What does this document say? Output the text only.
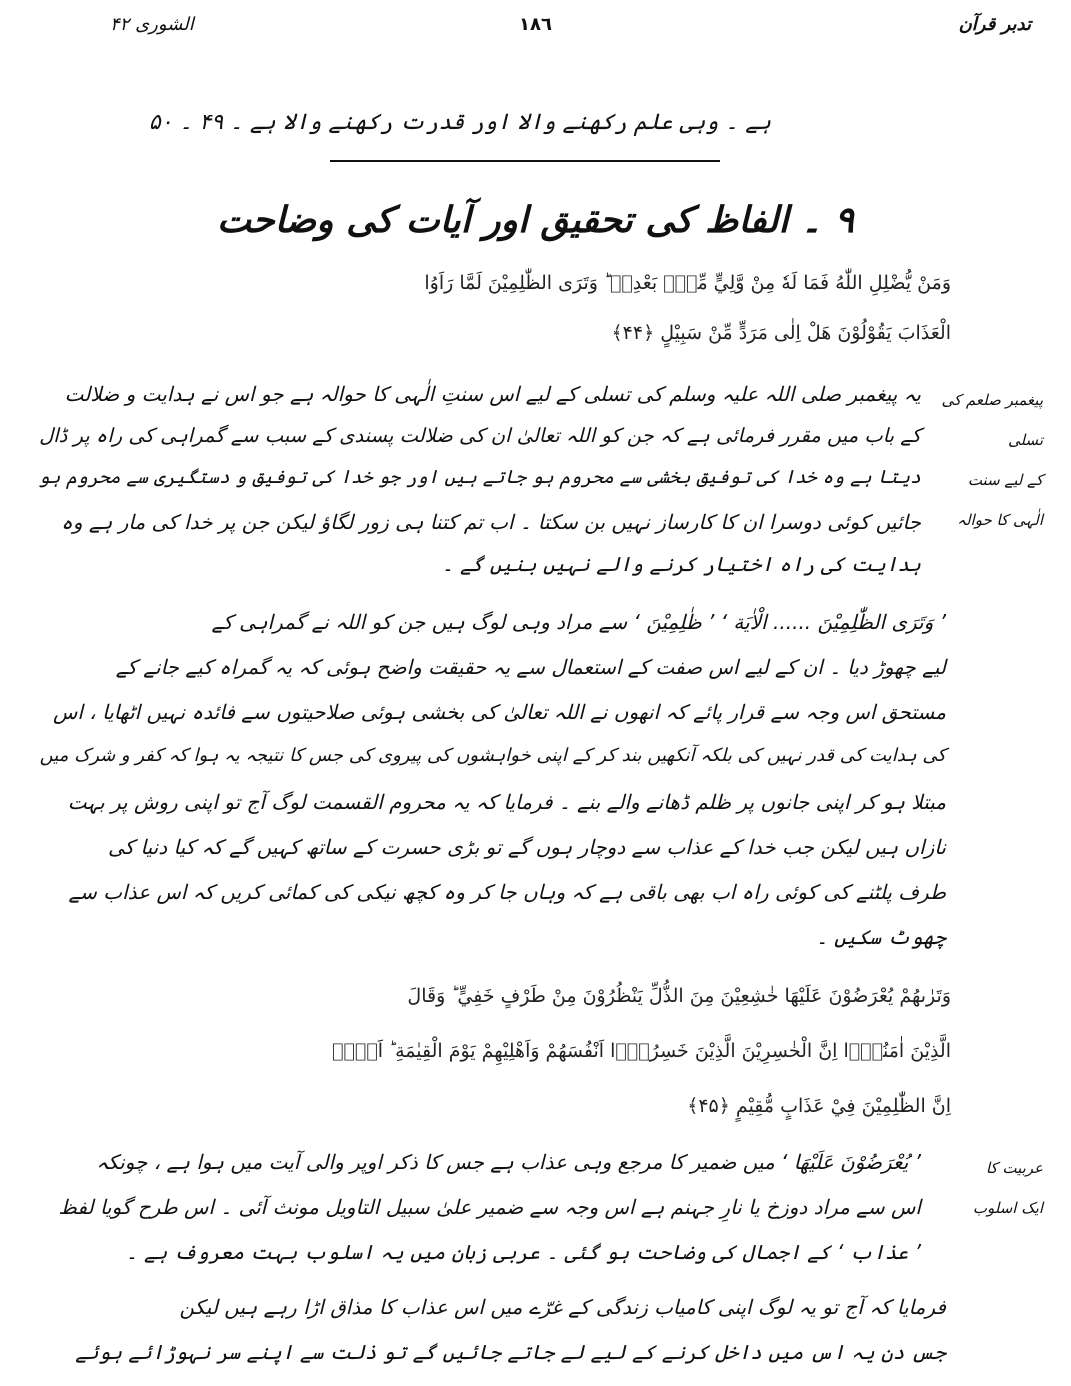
تدبر قرآن
١٨٦
الشوری ۴۲
ہے ۔ وہی علم رکھنے والا اور قدرت رکھنے والا ہے ۔ ۴۹ ۔ ۵۰
۹ ۔ الفاظ کی تحقیق اور آیات کی وضاحت
وَمَنْ يُّضْلِلِ اللّٰهُ فَمَا لَهٗ مِنْ وَّلِيٍّ مِّنْۢ بَعْدِهٖ ؕ وَتَرَى الظّٰلِمِيْنَ لَمَّا رَاَوُا
الْعَذَابَ يَقُوْلُوْنَ هَلْ اِلٰى مَرَدٍّ مِّنْ سَبِيْلٍ ﴿۴۴﴾
پیغمبر صلعم کی تسلی
کے لیے سنت
الٰہی کا حوالہ
یہ پیغمبر صلی اللہ علیہ وسلم کی تسلی کے لیے اس سنتِ الٰہی کا حوالہ ہے جو اس نے ہدایت و ضلالت
کے باب میں مقرر فرمائی ہے کہ جن کو اللہ تعالیٰ ان کی ضلالت پسندی کے سبب سے گمراہی کی راہ پر ڈال
دیتا ہے وہ خدا کی توفیق بخشی سے محروم ہو جاتے ہیں اور جو خدا کی توفیق و دستگیری سے محروم ہو
جائیں کوئی دوسرا ان کا کارساز نہیں بن سکتا ۔ اب تم کتنا ہی زور لگاؤ لیکن جن پر خدا کی مار ہے وہ
ہدایت کی راہ اختیار کرنے والے نہیں بنیں گے ۔
’ وَتَرَى الظّٰلِمِيْنَ ...... الْاٰيَة ‘ ’ ظٰلِمِيْنَ ‘ سے مراد وہی لوگ ہیں جن کو اللہ نے گمراہی کے
لیے چھوڑ دیا ۔ ان کے لیے اس صفت کے استعمال سے یہ حقیقت واضح ہوئی کہ یہ گمراہ کیے جانے کے
مستحق اس وجہ سے قرار پائے کہ انھوں نے اللہ تعالیٰ کی بخشی ہوئی صلاحیتوں سے فائدہ نہیں اٹھایا ، اس
کی ہدایت کی قدر نہیں کی بلکہ آنکھیں بند کر کے اپنی خواہشوں کی پیروی کی جس کا نتیجہ یہ ہوا کہ کفر و شرک میں
مبتلا ہو کر اپنی جانوں پر ظلم ڈھانے والے بنے ۔ فرمایا کہ یہ محروم القسمت لوگ آج تو اپنی روش پر بہت
نازاں ہیں لیکن جب خدا کے عذاب سے دوچار ہوں گے تو بڑی حسرت کے ساتھ کہیں گے کہ کیا دنیا کی
طرف پلٹنے کی کوئی راہ اب بھی باقی ہے کہ وہاں جا کر وہ کچھ نیکی کی کمائی کریں کہ اس عذاب سے
چھوٹ سکیں ۔
وَتَرٰىهُمْ يُعْرَضُوْنَ عَلَيْهَا خٰشِعِيْنَ مِنَ الذُّلِّ يَنْظُرُوْنَ مِنْ طَرْفٍ خَفِيٍّ ؕ وَقَالَ
الَّذِيْنَ اٰمَنُوْۤا اِنَّ الْخٰسِرِيْنَ الَّذِيْنَ خَسِرُوْۤا اَنْفُسَهُمْ وَاَهْلِيْهِمْ يَوْمَ الْقِيٰمَةِ ؕ اَلَاۤ
اِنَّ الظّٰلِمِيْنَ فِيْ عَذَابٍ مُّقِيْمٍ ﴿۴۵﴾
عربیت کا
ایک اسلوب
’ يُعْرَضُوْنَ عَلَيْهَا ‘ میں ضمیر کا مرجع وہی عذاب ہے جس کا ذکر اوپر والی آیت میں ہوا ہے ، چونکہ
اس سے مراد دوزخ یا نارِ جہنم ہے اس وجہ سے ضمیر علیٰ سبیل التاویل مونث آئی ۔ اس طرح گویا لفظ
’ عذاب ‘ کے اجمال کی وضاحت ہو گئی ۔ عربی زبان میں یہ اسلوب بہت معروف ہے ۔
فرمایا کہ آج تو یہ لوگ اپنی کامیاب زندگی کے غرّے میں اس عذاب کا مذاق اڑا رہے ہیں لیکن
جس دن یہ اس میں داخل کرنے کے لیے لے جاتے جائیں گے تو ذلت سے اپنے سر نہوڑائے ہوئے
